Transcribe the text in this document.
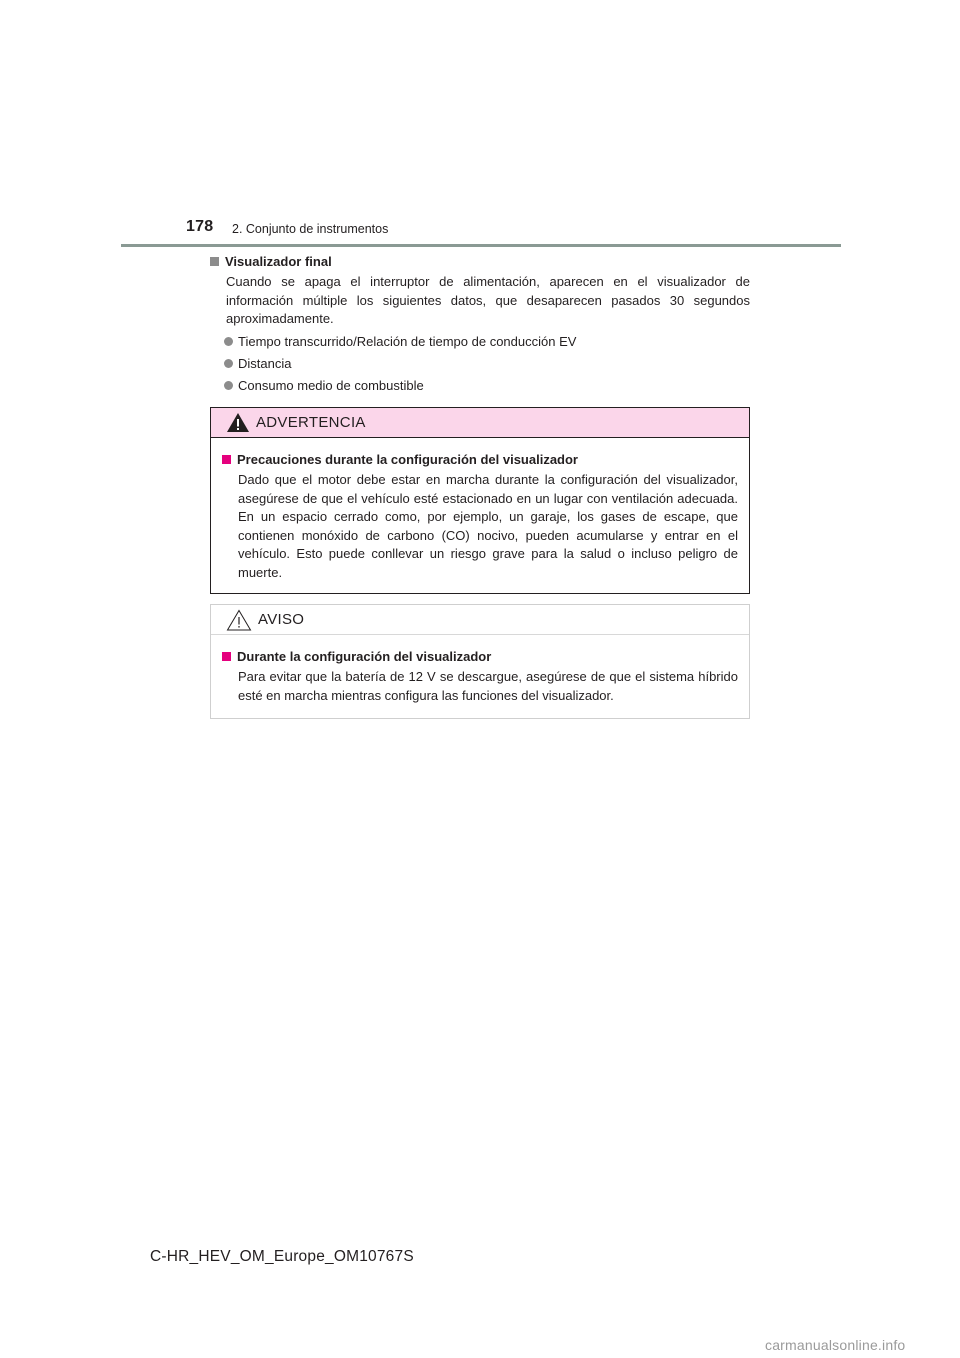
178 2. Conjunto de instrumentos

Visualizador final

Cuando se apaga el interruptor de alimentación, aparecen en el visualizador de información múltiple los siguientes datos, que desaparecen pasados 30 segundos aproximadamente.

Tiempo transcurrido/Relación de tiempo de conducción EV
Distancia
Consumo medio de combustible
ADVERTENCIA

Precauciones durante la configuración del visualizador

Dado que el motor debe estar en marcha durante la configuración del visualizador, asegúrese de que el vehículo esté estacionado en un lugar con ventilación adecuada. En un espacio cerrado como, por ejemplo, un garaje, los gases de escape, que contienen monóxido de carbono (CO) nocivo, pueden acumularse y entrar en el vehículo. Esto puede conllevar un riesgo grave para la salud o incluso peligro de muerte.

AVISO

Durante la configuración del visualizador

Para evitar que la batería de 12 V se descargue, asegúrese de que el sistema híbrido esté en marcha mientras configura las funciones del visualizador.

C-HR_HEV_OM_Europe_OM10767S
carmanualsonline.info
